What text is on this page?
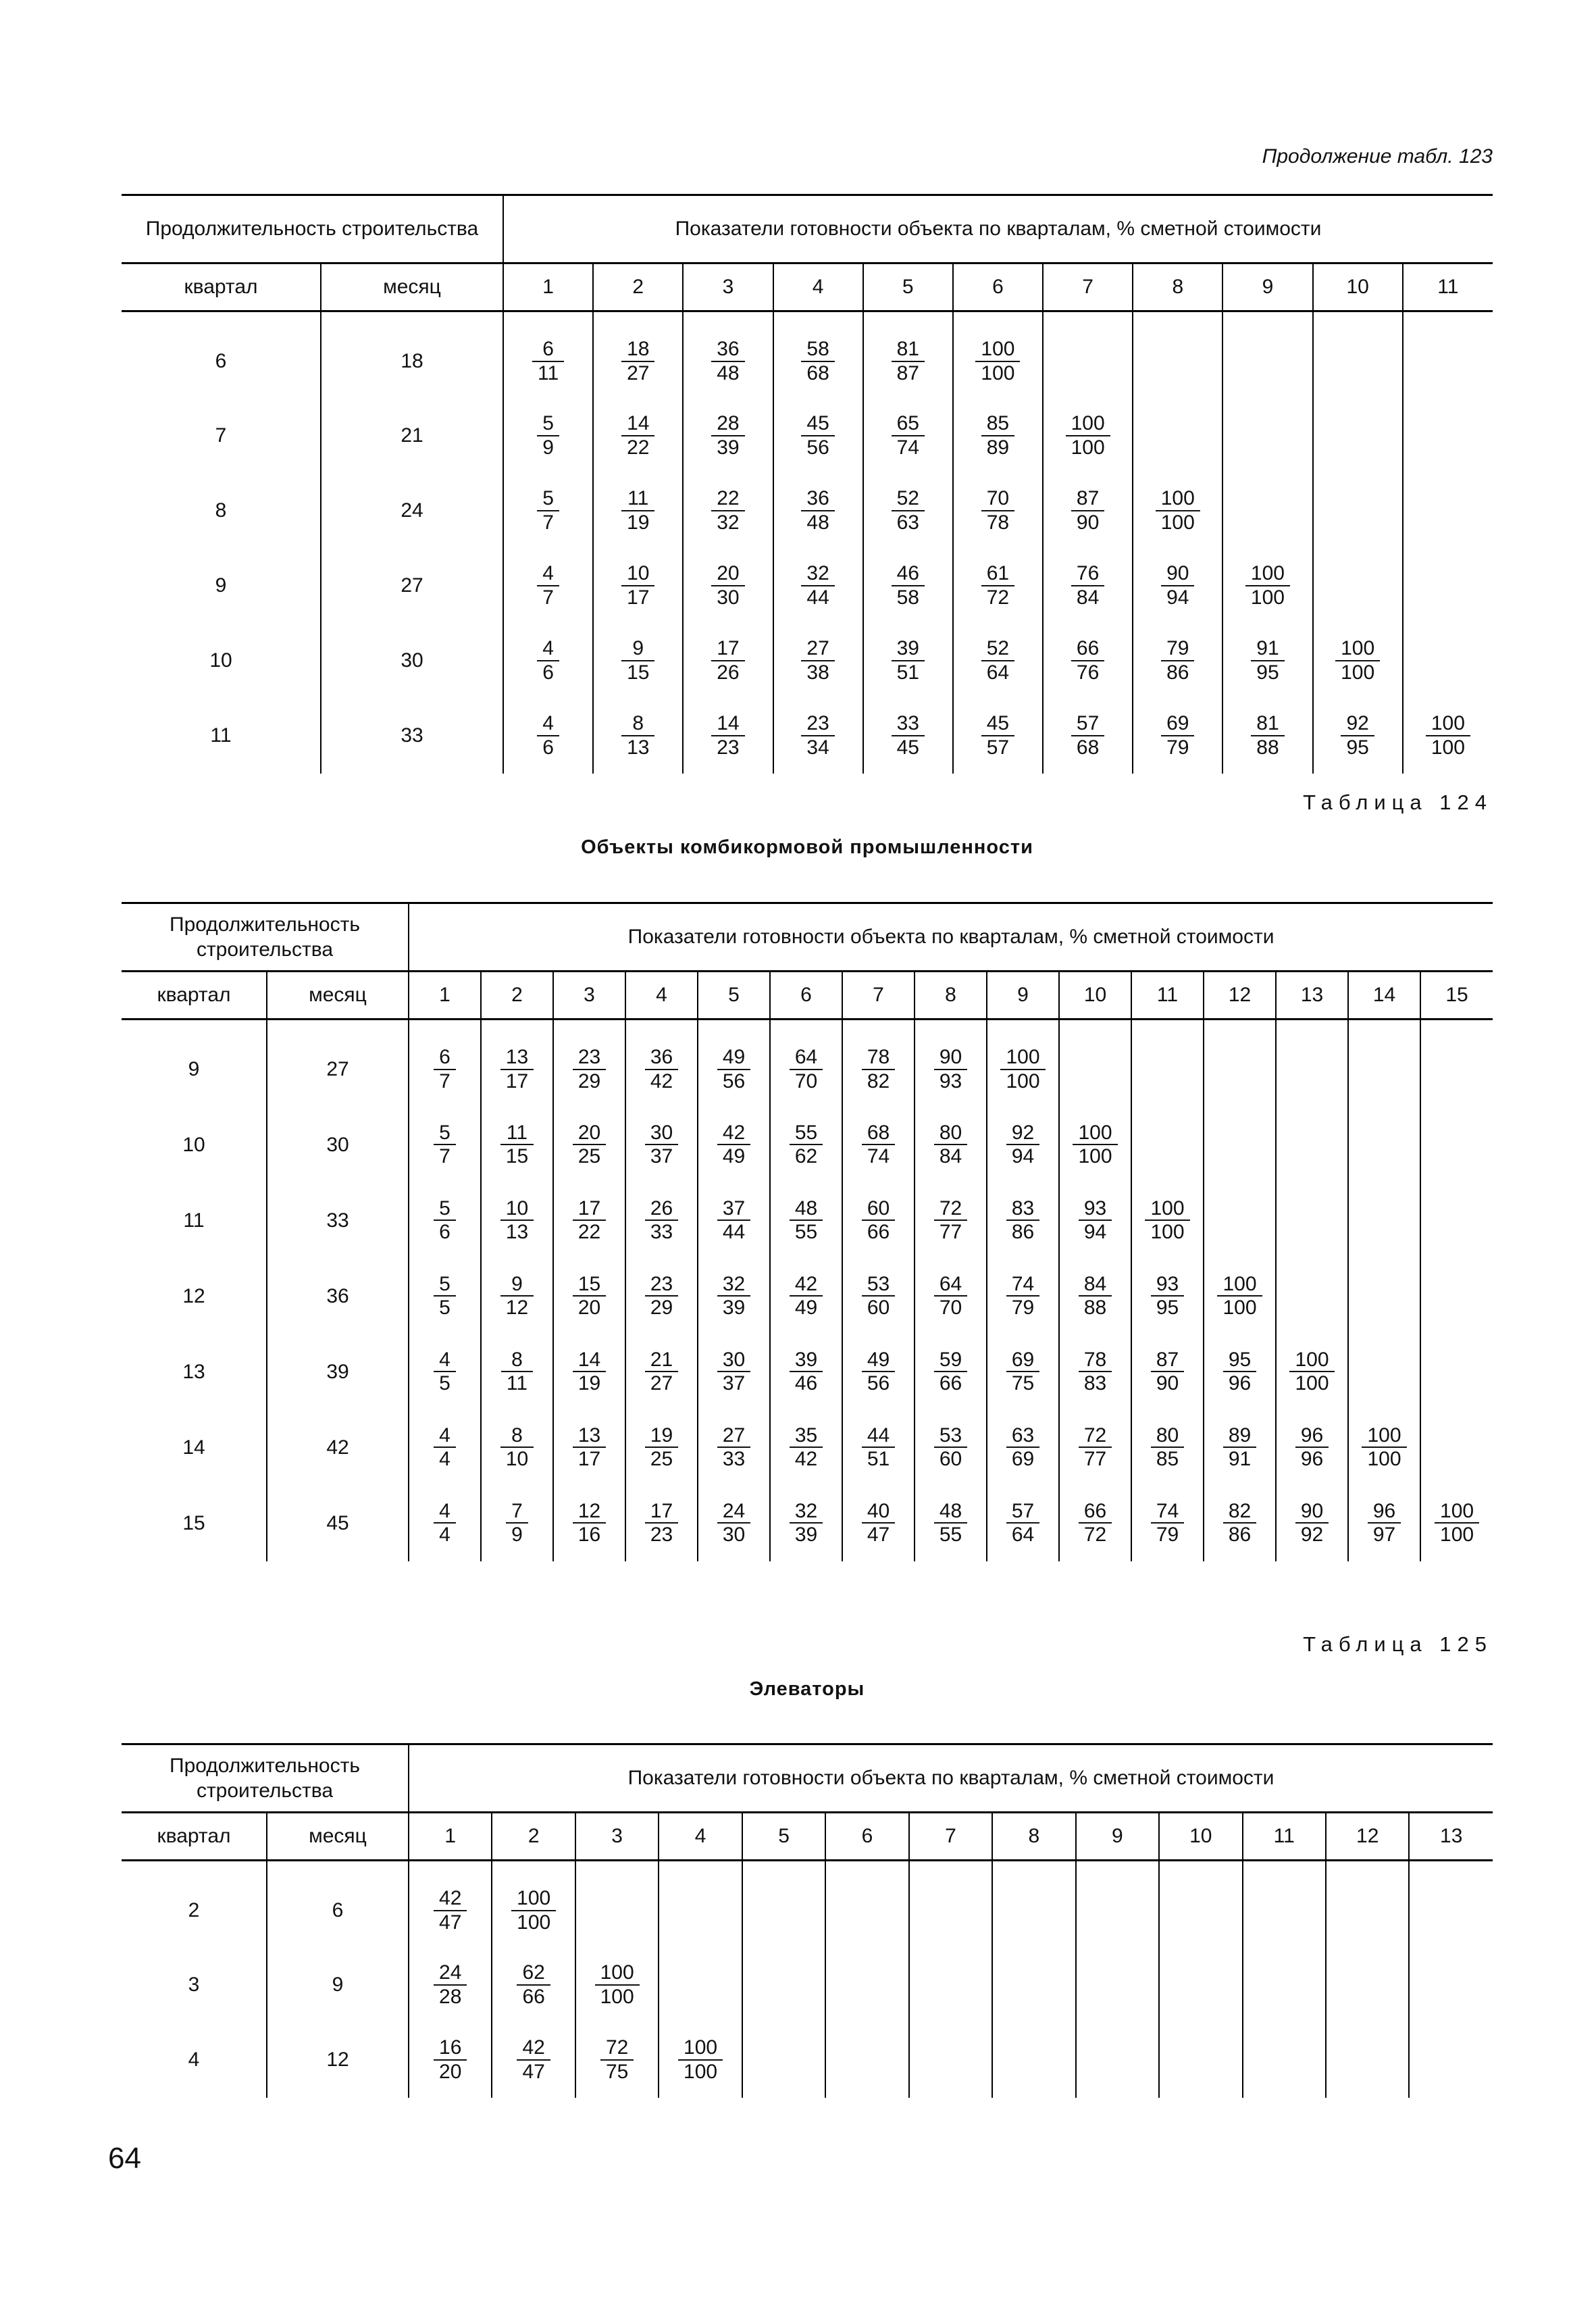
Продолжение табл. 123
Таблица 124
Объекты комбикормовой промышленности
Таблица 125
Элеваторы
Продолжительность строительства		Показатели готовности объекта по кварталам, % сметной стоимости										
квартал	месяц	1	2	3	4	5	6	7	8	9	10	11
6	18	$\frac{6}{11}$	$\frac{18}{27}$	$\frac{36}{48}$	$\frac{58}{68}$	$\frac{81}{87}$	$\frac{100}{100}$

7	21	$\frac{5}{9}$	$\frac{14}{22}$	$\frac{28}{39}$	$\frac{45}{56}$	$\frac{65}{74}$	$\frac{85}{89}$	$\frac{100}{100}$

8	24	$\frac{5}{7}$	$\frac{11}{19}$	$\frac{22}{32}$	$\frac{36}{48}$	$\frac{52}{63}$	$\frac{70}{78}$	$\frac{87}{90}$	$\frac{100}{100}$

9	27	$\frac{4}{7}$	$\frac{10}{17}$	$\frac{20}{30}$	$\frac{32}{44}$	$\frac{46}{58}$	$\frac{61}{72}$	$\frac{76}{84}$	$\frac{90}{94}$	$\frac{100}{100}$

10	30	$\frac{4}{6}$	$\frac{9}{15}$	$\frac{17}{26}$	$\frac{27}{38}$	$\frac{39}{51}$	$\frac{52}{64}$	$\frac{66}{76}$	$\frac{79}{86}$	$\frac{91}{95}$	$\frac{100}{100}$

11	33	$\frac{4}{6}$	$\frac{8}{13}$	$\frac{14}{23}$	$\frac{23}{34}$	$\frac{33}{45}$	$\frac{45}{57}$	$\frac{57}{68}$	$\frac{69}{79}$	$\frac{81}{88}$	$\frac{92}{95}$	$\frac{100}{100}$
Продолжительность строительства		Показатели готовности объекта по кварталам, % сметной стоимости														
квартал	месяц	1	2	3	4	5	6	7	8	9	10	11	12	13	14	15
9	27	$\frac{6}{7}$	$\frac{13}{17}$	$\frac{23}{29}$	$\frac{36}{42}$	$\frac{49}{56}$	$\frac{64}{70}$	$\frac{78}{82}$	$\frac{90}{93}$	$\frac{100}{100}$

10	30	$\frac{5}{7}$	$\frac{11}{15}$	$\frac{20}{25}$	$\frac{30}{37}$	$\frac{42}{49}$	$\frac{55}{62}$	$\frac{68}{74}$	$\frac{80}{84}$	$\frac{92}{94}$	$\frac{100}{100}$

11	33	$\frac{5}{6}$	$\frac{10}{13}$	$\frac{17}{22}$	$\frac{26}{33}$	$\frac{37}{44}$	$\frac{48}{55}$	$\frac{60}{66}$	$\frac{72}{77}$	$\frac{83}{86}$	$\frac{93}{94}$	$\frac{100}{100}$

12	36	$\frac{5}{5}$	$\frac{9}{12}$	$\frac{15}{20}$	$\frac{23}{29}$	$\frac{32}{39}$	$\frac{42}{49}$	$\frac{53}{60}$	$\frac{64}{70}$	$\frac{74}{79}$	$\frac{84}{88}$	$\frac{93}{95}$	$\frac{100}{100}$

13	39	$\frac{4}{5}$	$\frac{8}{11}$	$\frac{14}{19}$	$\frac{21}{27}$	$\frac{30}{37}$	$\frac{39}{46}$	$\frac{49}{56}$	$\frac{59}{66}$	$\frac{69}{75}$	$\frac{78}{83}$	$\frac{87}{90}$	$\frac{95}{96}$	$\frac{100}{100}$

14	42	$\frac{4}{4}$	$\frac{8}{10}$	$\frac{13}{17}$	$\frac{19}{25}$	$\frac{27}{33}$	$\frac{35}{42}$	$\frac{44}{51}$	$\frac{53}{60}$	$\frac{63}{69}$	$\frac{72}{77}$	$\frac{80}{85}$	$\frac{89}{91}$	$\frac{96}{96}$	$\frac{100}{100}$

15	45	$\frac{4}{4}$	$\frac{7}{9}$	$\frac{12}{16}$	$\frac{17}{23}$	$\frac{24}{30}$	$\frac{32}{39}$	$\frac{40}{47}$	$\frac{48}{55}$	$\frac{57}{64}$	$\frac{66}{72}$	$\frac{74}{79}$	$\frac{82}{86}$	$\frac{90}{92}$	$\frac{96}{97}$	$\frac{100}{100}$
Продолжительность строительства		Показатели готовности объекта по кварталам, % сметной стоимости												
квартал	месяц	1	2	3	4	5	6	7	8	9	10	11	12	13
2	6	$\frac{42}{47}$	$\frac{100}{100}$

3	9	$\frac{24}{28}$	$\frac{62}{66}$	$\frac{100}{100}$

4	12	$\frac{16}{20}$	$\frac{42}{47}$	$\frac{72}{75}$	$\frac{100}{100}$

64
